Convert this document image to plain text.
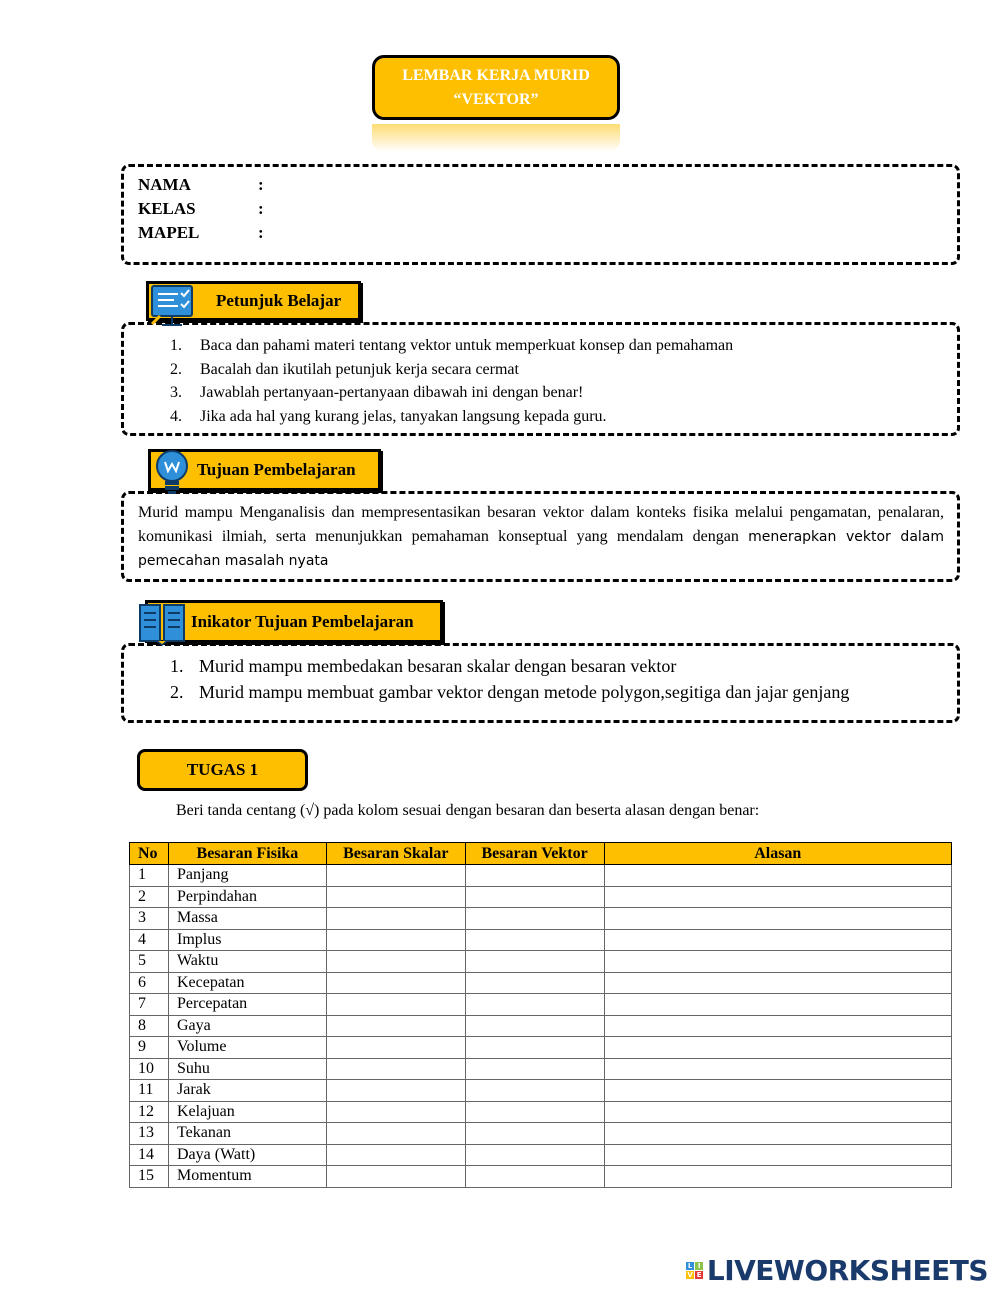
LEMBAR KERJA MURID
“VEKTOR”
NAMA	:
KELAS	:
MAPEL	:
1. Baca dan pahami materi tentang vektor untuk memperkuat konsep dan pemahaman
2. Bacalah dan ikutilah petunjuk kerja secara cermat
3. Jawablah pertanyaan-pertanyaan dibawah ini dengan benar!
4. Jika ada hal yang kurang jelas, tanyakan langsung kepada guru.
Petunjuk Belajar
Murid mampu Menganalisis dan mempresentasikan besaran vektor dalam konteks fisika melalui pengamatan, penalaran, komunikasi ilmiah, serta menunjukkan pemahaman konseptual yang mendalam dengan menerapkan vektor dalam pemecahan masalah nyata
Tujuan Pembelajaran
1. Murid mampu membedakan besaran skalar dengan besaran vektor
2. Murid mampu membuat gambar vektor dengan metode polygon,segitiga dan jajar genjang
Inikator Tujuan Pembelajaran
TUGAS 1
Beri tanda centang (√) pada kolom sesuai dengan besaran dan beserta alasan dengan benar:
No	Besaran Fisika	Besaran Skalar	Besaran Vektor	Alasan
1	Panjang			
2	Perpindahan			
3	Massa			
4	Implus			
5	Waktu			
6	Kecepatan			
7	Percepatan			
8	Gaya			
9	Volume			
10	Suhu			
11	Jarak			
12	Kelajuan			
13	Tekanan			
14	Daya (Watt)			
15	Momentum			
L I
V E LIVEWORKSHEETS
